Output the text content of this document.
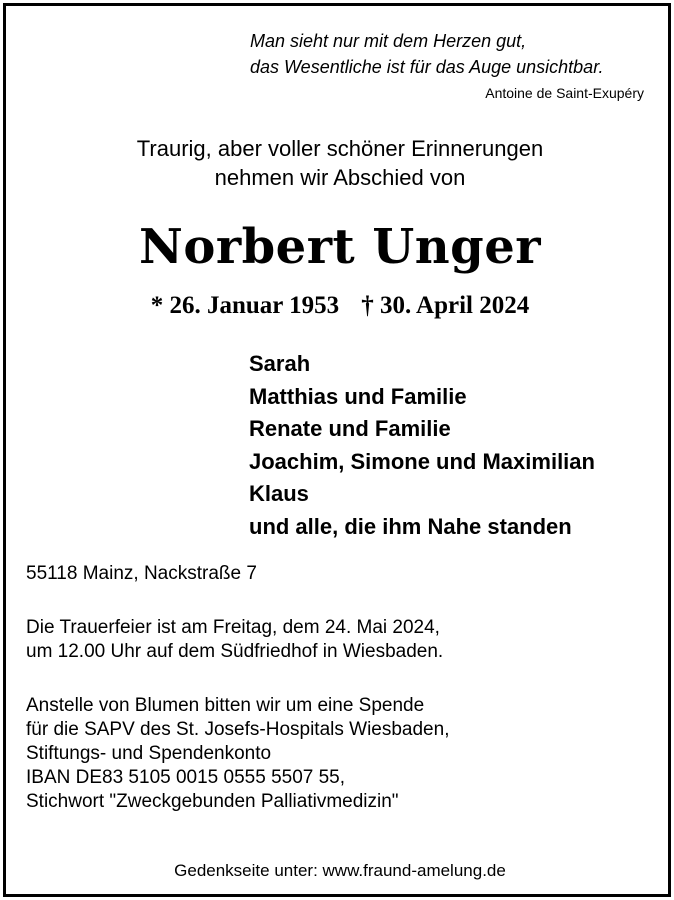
Man sieht nur mit dem Herzen gut,
das Wesentliche ist für das Auge unsichtbar.
Antoine de Saint-Exupéry
Traurig, aber voller schöner Erinnerungen
nehmen wir Abschied von
Norbert Unger
* 26. Januar 1953 † 30. April 2024
Sarah
Matthias und Familie
Renate und Familie
Joachim, Simone und Maximilian
Klaus
und alle, die ihm Nahe standen
55118 Mainz, Nackstraße 7
Die Trauerfeier ist am Freitag, dem 24. Mai 2024,
um 12.00 Uhr auf dem Südfriedhof in Wiesbaden.
Anstelle von Blumen bitten wir um eine Spende
für die SAPV des St. Josefs-Hospitals Wiesbaden,
Stiftungs- und Spendenkonto
IBAN DE83 5105 0015 0555 5507 55,
Stichwort "Zweckgebunden Palliativmedizin"
Gedenkseite unter: www.fraund-amelung.de
